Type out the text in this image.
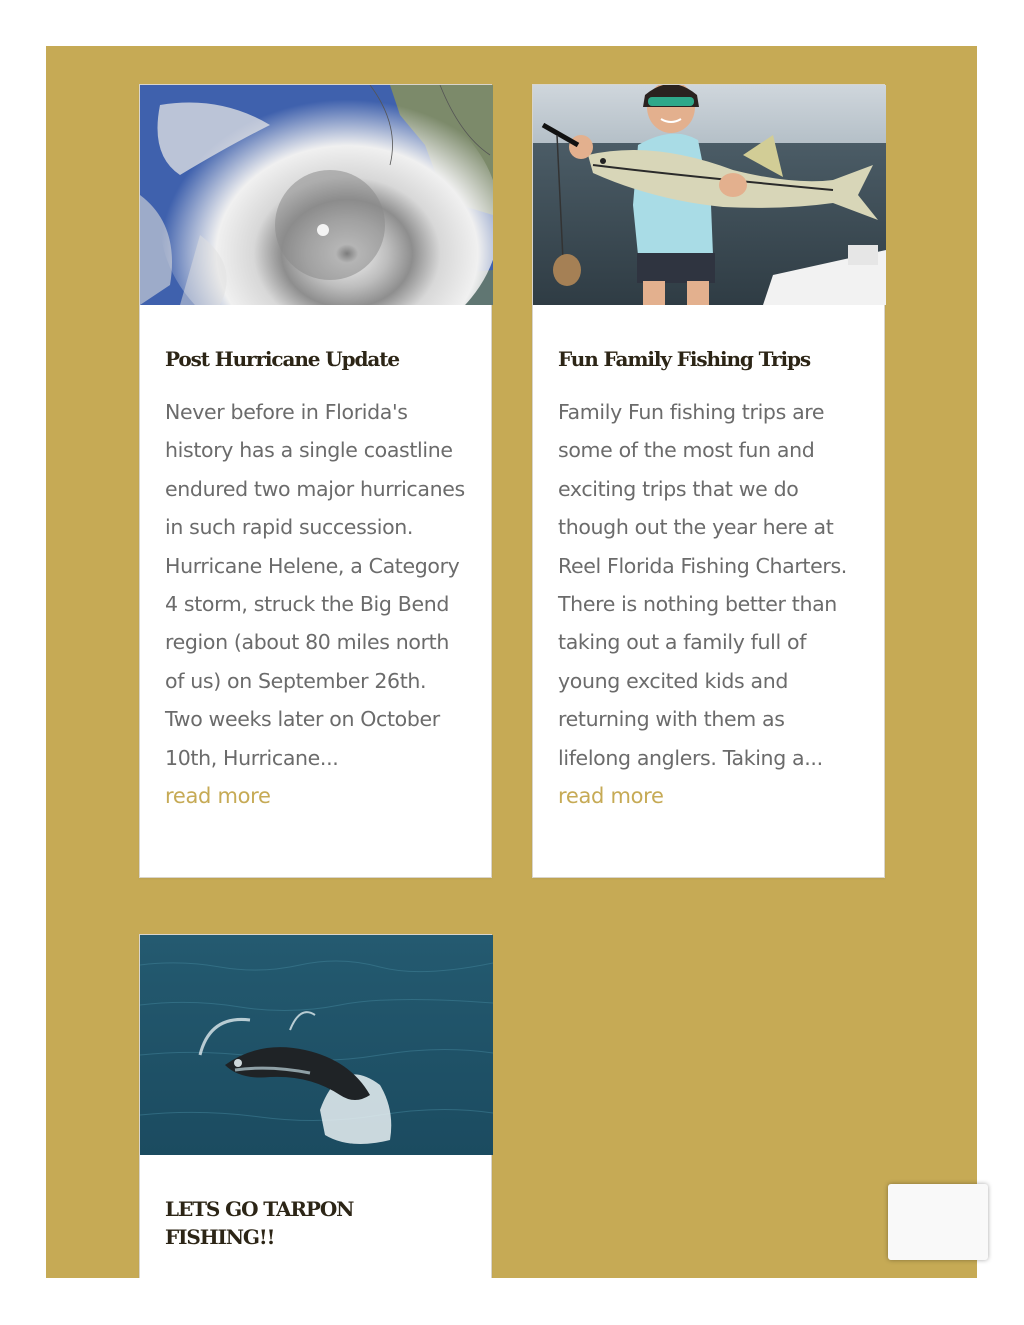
Post Hurricane Update

Never before in Florida's history has a single coastline endured two major hurricanes in such rapid succession. Hurricane Helene, a Category 4 storm, struck the Big Bend region (about 80 miles north of us) on September 26th. Two weeks later on October 10th, Hurricane...

read more
Fun Family Fishing Trips

Family Fun fishing trips are some of the most fun and exciting trips that we do though out the year here at Reel Florida Fishing Charters. There is nothing better than taking out a family full of young excited kids and returning with them as lifelong anglers. Taking a...

read more
LETS GO TARPON FISHING!!
